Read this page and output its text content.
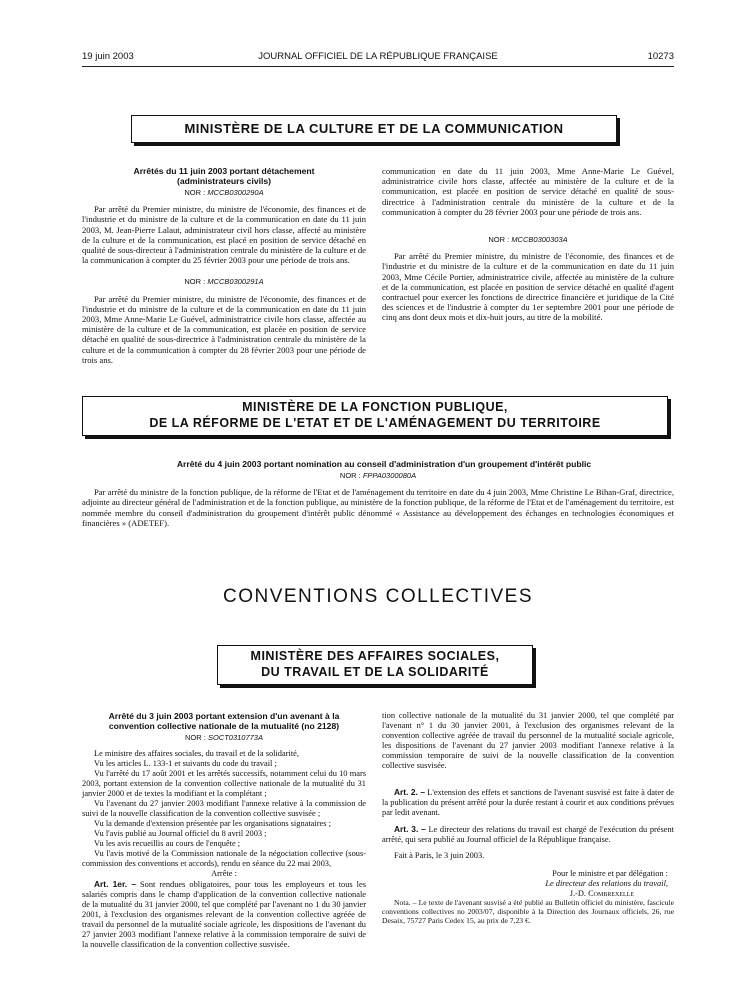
19 juin 2003	JOURNAL OFFICIEL DE LA RÉPUBLIQUE FRANÇAISE	10273
MINISTÈRE DE LA CULTURE ET DE LA COMMUNICATION

Arrêtés du 11 juin 2003 portant détachement (administrateurs civils)

NOR : MCCB0300290A

Par arrêté du Premier ministre, du ministre de l'économie, des finances et de l'industrie et du ministre de la culture et de la communication en date du 11 juin 2003, M. Jean-Pierre Lalaut, administrateur civil hors classe, affecté au ministère de la culture et de la communication, est placé en position de service détaché en qualité de sous-directeur à l'administration centrale du ministère de la culture et de la communication à compter du 25 février 2003 pour une période de trois ans.

NOR : MCCB0300291A

Par arrêté du Premier ministre, du ministre de l'économie, des finances et de l'industrie et du ministre de la culture et de la communication en date du 11 juin 2003, Mme Anne-Marie Le Guével, administratrice civile hors classe, affectée au ministère de la culture et de la communication, est placée en position de service détaché en qualité de sous-directrice à l'administration centrale du ministère de la culture et de la communication à compter du 28 février 2003 pour une période de trois ans.

communication en date du 11 juin 2003, Mme Anne-Marie Le Guével, administratrice civile hors classe, affectée au ministère de la culture et de la communication, est placée en position de service détaché en qualité de sous-directrice à l'administration centrale du ministère de la culture et de la communication à compter du 28 février 2003 pour une période de trois ans.

NOR : MCCB0300303A

Par arrêté du Premier ministre, du ministre de l'économie, des finances et de l'industrie et du ministre de la culture et de la communication en date du 11 juin 2003, Mme Cécile Portier, administratrice civile, affectée au ministère de la culture et de la communication, est placée en position de service détaché en qualité d'agent contractuel pour exercer les fonctions de directrice financière et juridique de la Cité des sciences et de l'industrie à compter du 1er septembre 2001 pour une période de cinq ans dont deux mois et dix-huit jours, au titre de la mobilité.

MINISTÈRE DE LA FONCTION PUBLIQUE,
DE LA RÉFORME DE L'ETAT ET DE L'AMÉNAGEMENT DU TERRITOIRE

Arrêté du 4 juin 2003 portant nomination au conseil d'administration d'un groupement d'intérêt public

NOR : FPPA0300080A

Par arrêté du ministre de la fonction publique, de la réforme de l'Etat et de l'aménagement du territoire en date du 4 juin 2003, Mme Christine Le Bihan-Graf, directrice, adjointe au directeur général de l'administration et de la fonction publique, au ministère de la fonction publique, de la réforme de l'Etat et de l'aménagement du territoire, est nommée membre du conseil d'administration du groupement d'intérêt public dénommé « Assistance au développement des échanges en technologies économiques et financières » (ADETEF).

CONVENTIONS COLLECTIVES
MINISTÈRE DES AFFAIRES SOCIALES,
DU TRAVAIL ET DE LA SOLIDARITÉ

Arrêté du 3 juin 2003 portant extension d'un avenant à la convention collective nationale de la mutualité (no 2128)

NOR : SOCT0310773A

Le ministre des affaires sociales, du travail et de la solidarité,

Vu les articles L. 133-1 et suivants du code du travail ;

Vu l'arrêté du 17 août 2001 et les arrêtés successifs, notamment celui du 10 mars 2003, portant extension de la convention collective nationale de la mutualité du 31 janvier 2000 et de textes la modifiant et la complétant ;

Vu l'avenant du 27 janvier 2003 modifiant l'annexe relative à la commission de suivi de la nouvelle classification de la convention collective susvisée ;

Vu la demande d'extension présentée par les organisations signataires ;

Vu l'avis publié au Journal officiel du 8 avril 2003 ;

Vu les avis recueillis au cours de l'enquête ;

Vu l'avis motivé de la Commission nationale de la négociation collective (sous-commission des conventions et accords), rendu en séance du 22 mai 2003,

Arrête :

Art. 1er. – Sont rendues obligatoires, pour tous les employeurs et tous les salariés compris dans le champ d'application de la convention collective nationale de la mutualité du 31 janvier 2000, tel que complété par l'avenant no 1 du 30 janvier 2001, à l'exclusion des organismes relevant de la convention collective agréée de travail du personnel de la mutualité sociale agricole, les dispositions de l'avenant du 27 janvier 2003 modifiant l'annexe relative à la commission temporaire de suivi de la nouvelle classification de la convention collective susvisée.

tion collective nationale de la mutualité du 31 janvier 2000, tel que complété par l'avenant n° 1 du 30 janvier 2001, à l'exclusion des organismes relevant de la convention collective agréée de travail du personnel de la mutualité sociale agricole, les dispositions de l'avenant du 27 janvier 2003 modifiant l'annexe relative à la commission temporaire de suivi de la nouvelle classification de la convention collective susvisée.

Art. 2. – L'extension des effets et sanctions de l'avenant susvisé est faite à dater de la publication du présent arrêté pour la durée restant à courir et aux conditions prévues par ledit avenant.

Art. 3. – Le directeur des relations du travail est chargé de l'exécution du présent arrêté, qui sera publié au Journal officiel de la République française.

Fait à Paris, le 3 juin 2003.

Pour le ministre et par délégation :

Le directeur des relations du travail,

J.-D. Combrexelle

Nota. – Le texte de l'avenant susvisé a été publié au Bulletin officiel du ministère, fascicule conventions collectives no 2003/07, disponible à la Direction des Journaux officiels, 26, rue Desaix, 75727 Paris Cedex 15, au prix de 7,23 €.
